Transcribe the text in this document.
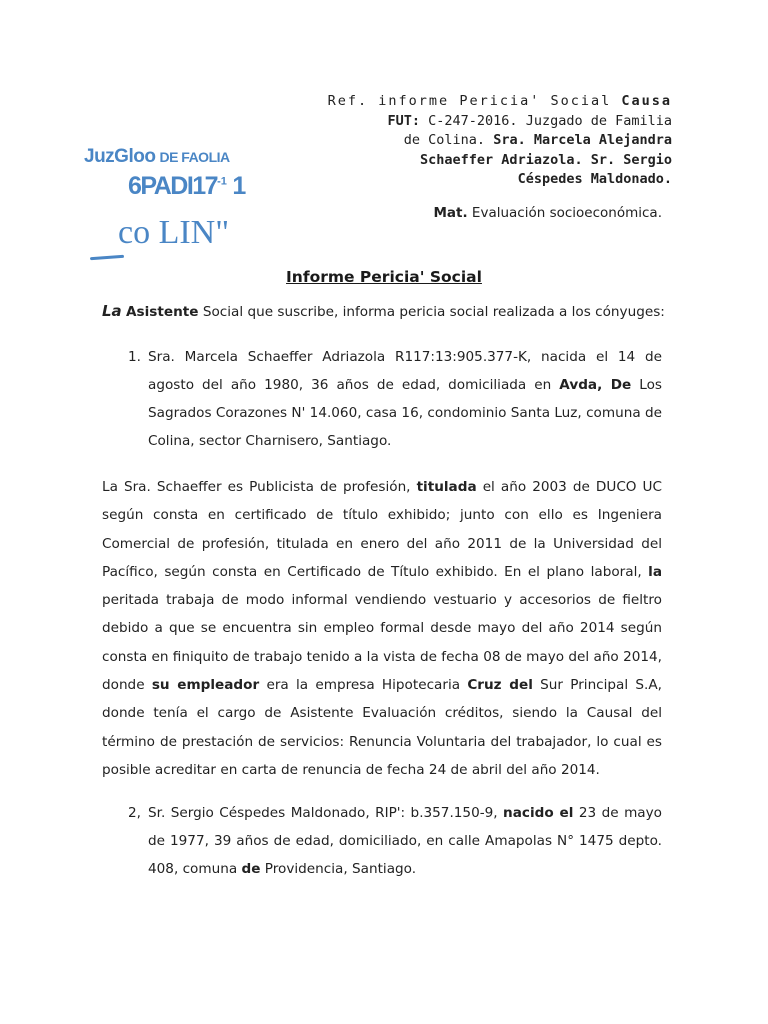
JuzGloo DE FAOLIA
$6PADI17^{-1}$ 1
co LIN"
Ref. informe Pericia' Social Causa
FUT: C-247-2016. Juzgado de Familia
de Colina. Sra. Marcela Alejandra
Schaeffer Adriazola. Sr. Sergio
Céspedes Maldonado.
Mat. Evaluación socioeconómica.
Informe Pericia' Social
La Asistente Social que suscribe, informa pericia social realizada a los cónyuges:
1. Sra. Marcela Schaeffer Adriazola R117:13:905.377-K, nacida el 14 de agosto del año 1980, 36 años de edad, domiciliada en Avda, De Los Sagrados Corazones N' 14.060, casa 16, condominio Santa Luz, comuna de Colina, sector Charnisero, Santiago.
La Sra. Schaeffer es Publicista de profesión, titulada el año 2003 de DUCO UC según consta en certificado de título exhibido; junto con ello es Ingeniera Comercial de profesión, titulada en enero del año 2011 de la Universidad del Pacífico, según consta en Certificado de Título exhibido. En el plano laboral, la peritada trabaja de modo informal vendiendo vestuario y accesorios de fieltro debido a que se encuentra sin empleo formal desde mayo del año 2014 según consta en finiquito de trabajo tenido a la vista de fecha 08 de mayo del año 2014, donde su empleador era la empresa Hipotecaria Cruz del Sur Principal S.A, donde tenía el cargo de Asistente Evaluación créditos, siendo la Causal del término de prestación de servicios: Renuncia Voluntaria del trabajador, lo cual es posible acreditar en carta de renuncia de fecha 24 de abril del año 2014.
2, Sr. Sergio Céspedes Maldonado, RIP': b.357.150-9, nacido el 23 de mayo de 1977, 39 años de edad, domiciliado, en calle Amapolas N° 1475 depto. 408, comuna de Providencia, Santiago.
